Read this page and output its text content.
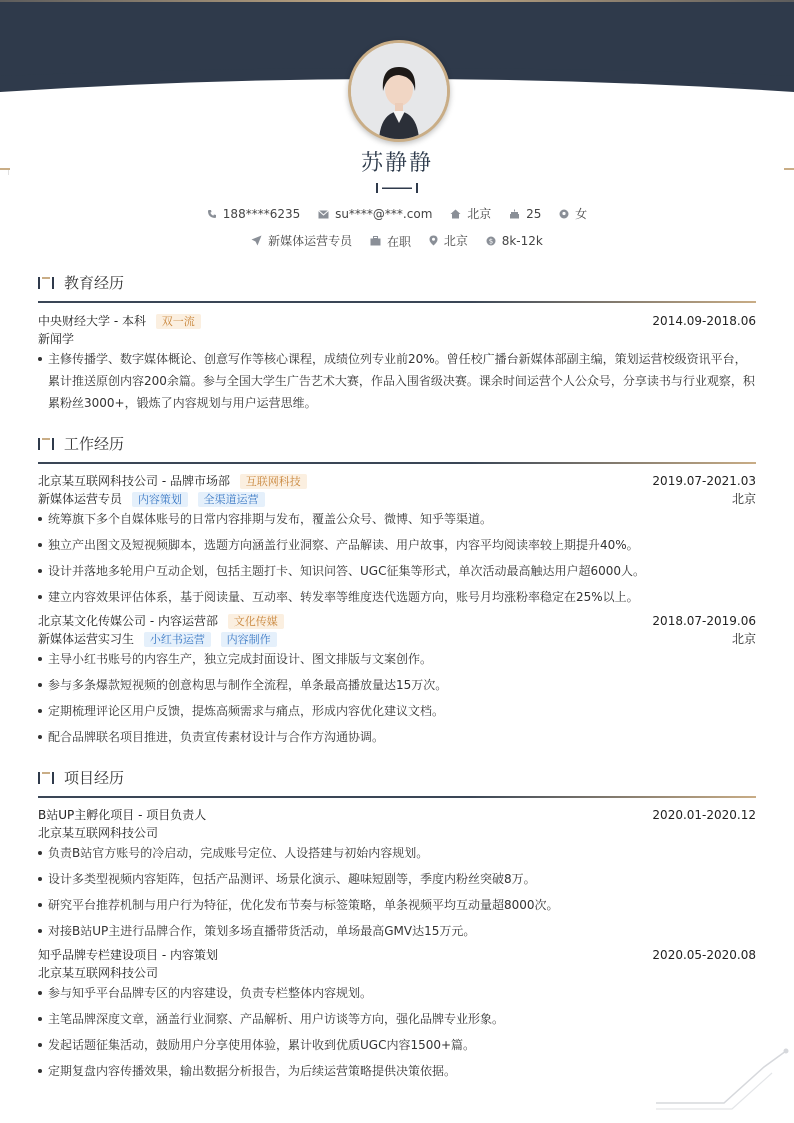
苏静静
188****6235
	su****@***.com
	北京
	25
	女
新媒体运营专员
	在职
	北京
	$ 8k-12k
教育经历
中央财经大学 - 本科 双一流	2014.09-2018.06
新闻学
主修传播学、数字媒体概论、创意写作等核心课程，成绩位列专业前20%。曾任校广播台新媒体部副主编，策划运营校级资讯平台，累计推送原创内容200余篇。参与全国大学生广告艺术大赛，作品入围省级决赛。课余时间运营个人公众号，分享读书与行业观察，积累粉丝3000+，锻炼了内容规划与用户运营思维。
工作经历
北京某互联网科技公司 - 品牌市场部 互联网科技	2019.07-2021.03
新媒体运营专员 内容策划 全渠道运营	北京
统筹旗下多个自媒体账号的日常内容排期与发布，覆盖公众号、微博、知乎等渠道。
独立产出图文及短视频脚本，选题方向涵盖行业洞察、产品解读、用户故事，内容平均阅读率较上期提升40%。
设计并落地多轮用户互动企划，包括主题打卡、知识问答、UGC征集等形式，单次活动最高触达用户超6000人。
建立内容效果评估体系，基于阅读量、互动率、转发率等维度迭代选题方向，账号月均涨粉率稳定在25%以上。
北京某文化传媒公司 - 内容运营部 文化传媒	2018.07-2019.06
新媒体运营实习生 小红书运营 内容制作	北京
主导小红书账号的内容生产，独立完成封面设计、图文排版与文案创作。
参与多条爆款短视频的创意构思与制作全流程，单条最高播放量达15万次。
定期梳理评论区用户反馈，提炼高频需求与痛点，形成内容优化建议文档。
配合品牌联名项目推进，负责宣传素材设计与合作方沟通协调。
项目经历
B站UP主孵化项目 - 项目负责人	2020.01-2020.12
北京某互联网科技公司
负责B站官方账号的冷启动，完成账号定位、人设搭建与初始内容规划。
设计多类型视频内容矩阵，包括产品测评、场景化演示、趣味短剧等，季度内粉丝突破8万。
研究平台推荐机制与用户行为特征，优化发布节奏与标签策略，单条视频平均互动量超8000次。
对接B站UP主进行品牌合作，策划多场直播带货活动，单场最高GMV达15万元。
知乎品牌专栏建设项目 - 内容策划	2020.05-2020.08
北京某互联网科技公司
参与知乎平台品牌专区的内容建设，负责专栏整体内容规划。
主笔品牌深度文章，涵盖行业洞察、产品解析、用户访谈等方向，强化品牌专业形象。
发起话题征集活动，鼓励用户分享使用体验，累计收到优质UGC内容1500+篇。
定期复盘内容传播效果，输出数据分析报告，为后续运营策略提供决策依据。
